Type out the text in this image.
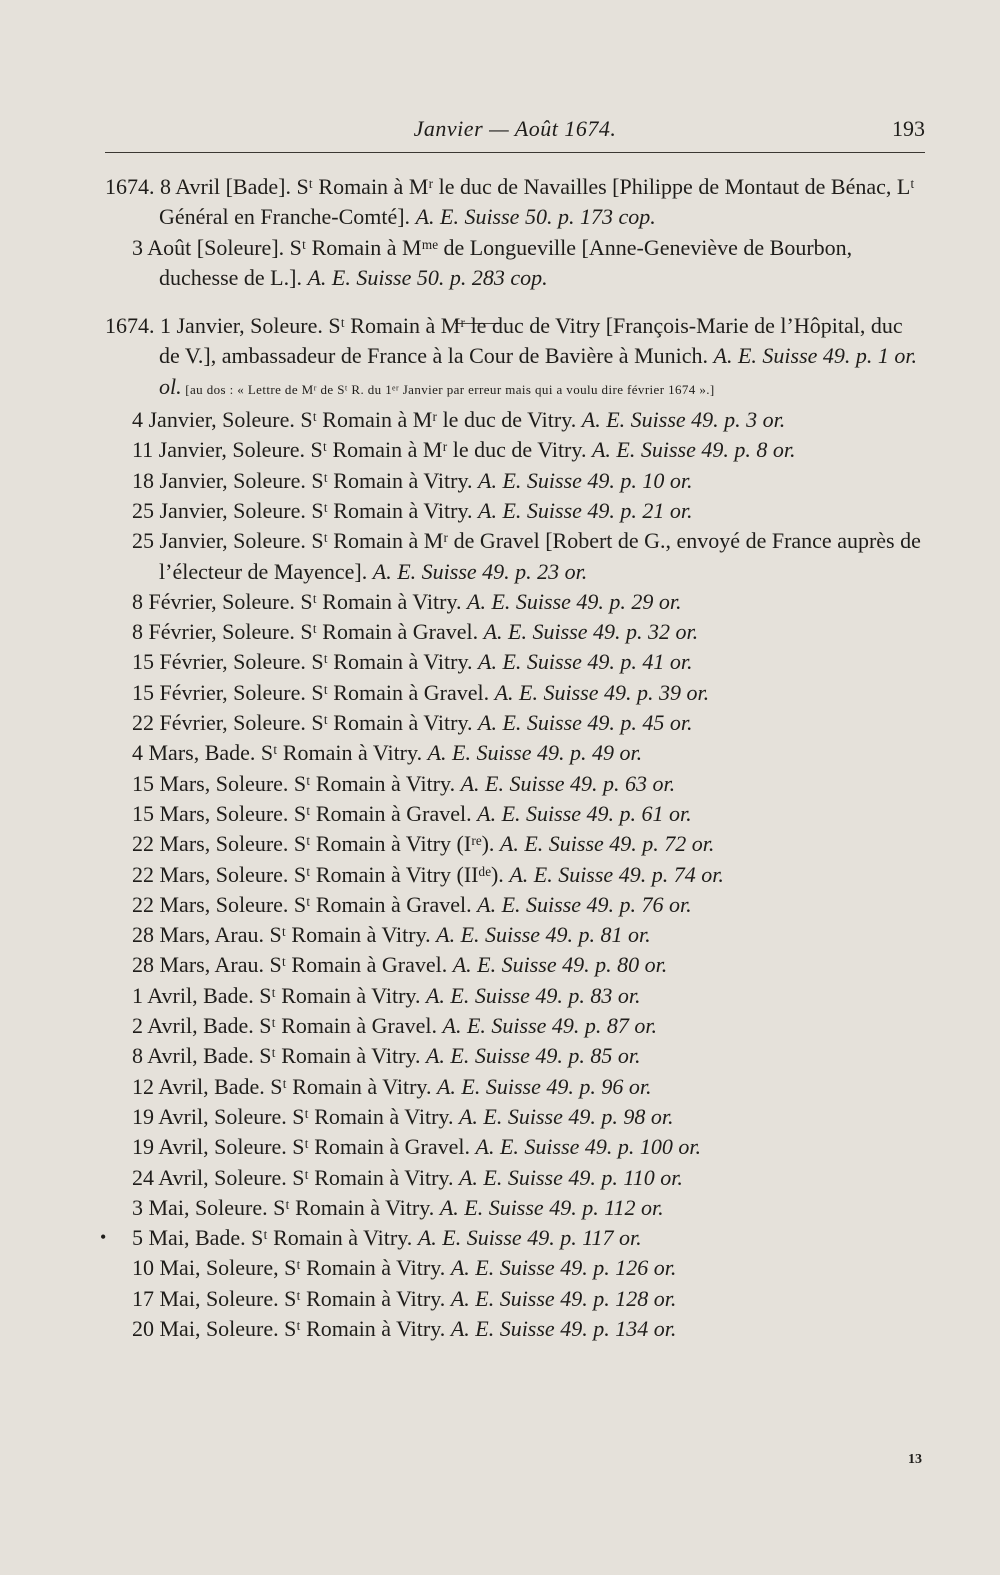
Janvier — Août 1674.	193

1674. 8 Avril [Bade]. Sᵗ Romain à Mʳ le duc de Navailles [Philippe de Montaut de Bénac, Lᵗ Général en Franche-Comté]. A. E. Suisse 50. p. 173 cop.

3 Août [Soleure]. Sᵗ Romain à Mᵐᵉ de Longueville [Anne-Geneviève de Bourbon, duchesse de L.]. A. E. Suisse 50. p. 283 cop.

1674. 1 Janvier, Soleure. Sᵗ Romain à Mʳ le duc de Vitry [François-Marie de l’Hôpital, duc de V.], ambassadeur de France à la Cour de Bavière à Munich. A. E. Suisse 49. p. 1 or. ol. [au dos : « Lettre de Mʳ de Sᵗ R. du 1ᵉʳ Janvier par erreur mais qui a voulu dire février 1674 ».]

4 Janvier, Soleure. Sᵗ Romain à Mʳ le duc de Vitry. A. E. Suisse 49. p. 3 or.

11 Janvier, Soleure. Sᵗ Romain à Mʳ le duc de Vitry. A. E. Suisse 49. p. 8 or.

18 Janvier, Soleure. Sᵗ Romain à Vitry. A. E. Suisse 49. p. 10 or.

25 Janvier, Soleure. Sᵗ Romain à Vitry. A. E. Suisse 49. p. 21 or.

25 Janvier, Soleure. Sᵗ Romain à Mʳ de Gravel [Robert de G., envoyé de France auprès de l’électeur de Mayence]. A. E. Suisse 49. p. 23 or.

8 Février, Soleure. Sᵗ Romain à Vitry. A. E. Suisse 49. p. 29 or.

8 Février, Soleure. Sᵗ Romain à Gravel. A. E. Suisse 49. p. 32 or.

15 Février, Soleure. Sᵗ Romain à Vitry. A. E. Suisse 49. p. 41 or.

15 Février, Soleure. Sᵗ Romain à Gravel. A. E. Suisse 49. p. 39 or.

22 Février, Soleure. Sᵗ Romain à Vitry. A. E. Suisse 49. p. 45 or.

4 Mars, Bade. Sᵗ Romain à Vitry. A. E. Suisse 49. p. 49 or.

15 Mars, Soleure. Sᵗ Romain à Vitry. A. E. Suisse 49. p. 63 or.

15 Mars, Soleure. Sᵗ Romain à Gravel. A. E. Suisse 49. p. 61 or.

22 Mars, Soleure. Sᵗ Romain à Vitry (Iʳᵉ). A. E. Suisse 49. p. 72 or.

22 Mars, Soleure. Sᵗ Romain à Vitry (IIᵈᵉ). A. E. Suisse 49. p. 74 or.

22 Mars, Soleure. Sᵗ Romain à Gravel. A. E. Suisse 49. p. 76 or.

28 Mars, Arau. Sᵗ Romain à Vitry. A. E. Suisse 49. p. 81 or.

28 Mars, Arau. Sᵗ Romain à Gravel. A. E. Suisse 49. p. 80 or.

1 Avril, Bade. Sᵗ Romain à Vitry. A. E. Suisse 49. p. 83 or.

2 Avril, Bade. Sᵗ Romain à Gravel. A. E. Suisse 49. p. 87 or.

8 Avril, Bade. Sᵗ Romain à Vitry. A. E. Suisse 49. p. 85 or.

12 Avril, Bade. Sᵗ Romain à Vitry. A. E. Suisse 49. p. 96 or.

19 Avril, Soleure. Sᵗ Romain à Vitry. A. E. Suisse 49. p. 98 or.

19 Avril, Soleure. Sᵗ Romain à Gravel. A. E. Suisse 49. p. 100 or.

24 Avril, Soleure. Sᵗ Romain à Vitry. A. E. Suisse 49. p. 110 or.

3 Mai, Soleure. Sᵗ Romain à Vitry. A. E. Suisse 49. p. 112 or.

5 Mai, Bade. Sᵗ Romain à Vitry. A. E. Suisse 49. p. 117 or.

10 Mai, Soleure, Sᵗ Romain à Vitry. A. E. Suisse 49. p. 126 or.

17 Mai, Soleure. Sᵗ Romain à Vitry. A. E. Suisse 49. p. 128 or.

20 Mai, Soleure. Sᵗ Romain à Vitry. A. E. Suisse 49. p. 134 or.

•
13
